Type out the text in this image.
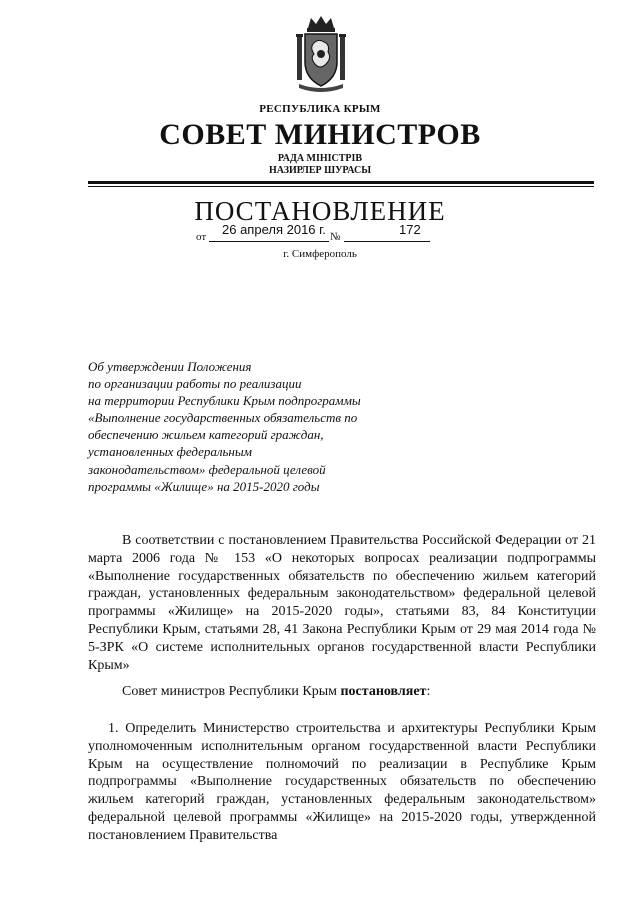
РЕСПУБЛИКА КРЫМ
СОВЕТ МИНИСТРОВ
РАДА МІНІСТРІВ
НАЗИРЛЕР ШУРАСЫ
ПОСТАНОВЛЕНИЕ
от 26 апреля 2016 г. №	172
г. Симферополь
Об утверждении Положения
по организации работы по реализации
на территории Республики Крым подпрограммы
«Выполнение государственных обязательств по
обеспечению жильем категорий граждан,
установленных федеральным
законодательством» федеральной целевой
программы «Жилище» на 2015-2020 годы
В соответствии с постановлением Правительства Российской Федерации от 21 марта 2006 года № 153 «О некоторых вопросах реализации подпрограммы «Выполнение государственных обязательств по обеспечению жильем категорий граждан, установленных федеральным законодательством» федеральной целевой программы «Жилище» на 2015-2020 годы», статьями 83, 84 Конституции Республики Крым, статьями 28, 41 Закона Республики Крым от 29 мая 2014 года № 5-ЗРК «О системе исполнительных органов государственной власти Республики Крым»
Совет министров Республики Крым постановляет:
1. Определить Министерство строительства и архитектуры Республики Крым уполномоченным исполнительным органом государственной власти Республики Крым на осуществление полномочий по реализации в Республике Крым подпрограммы «Выполнение государственных обязательств по обеспечению жильем категорий граждан, установленных федеральным законодательством» федеральной целевой программы «Жилище» на 2015-2020 годы, утвержденной постановлением Правительства
